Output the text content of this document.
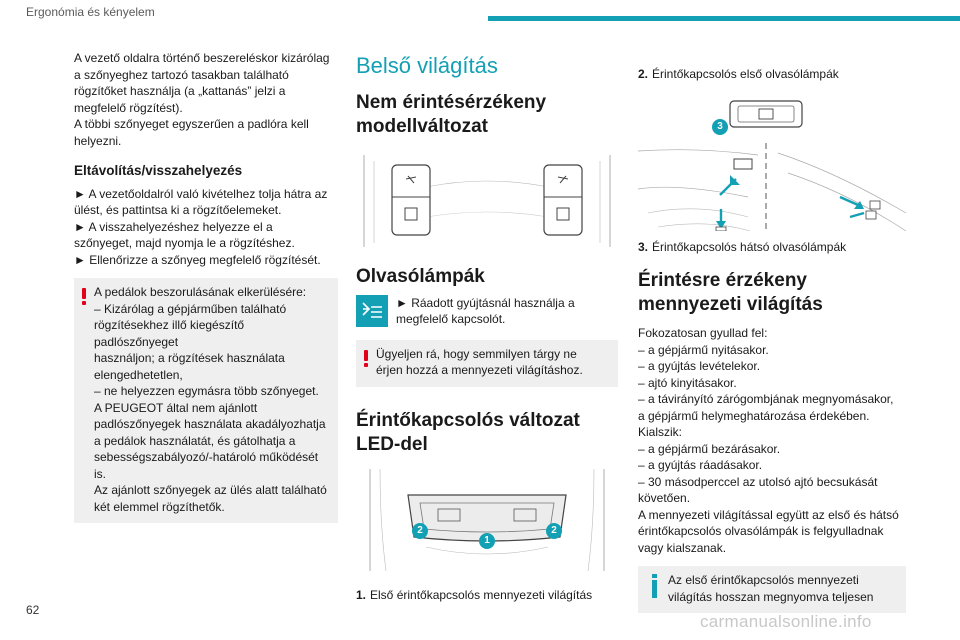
Ergonómia és kényelem

A vezető oldalra történő beszereléskor kizárólag

a szőnyeghez tartozó tasakban található

rögzítőket használja (a „kattanás” jelzi a

megfelelő rögzítést).

A többi szőnyeget egyszerűen a padlóra kell

helyezni.

Eltávolítás/visszahelyezés

► A vezetőoldalról való kivételhez tolja hátra az

ülést, és pattintsa ki a rögzítőelemeket.

► A visszahelyezéshez helyezze el a

szőnyeget, majd nyomja le a rögzítéshez.

► Ellenőrizze a szőnyeg megfelelő rögzítését.

A pedálok beszorulásának elkerülésére:

– Kizárólag a gépjárműben található

rögzítésekhez illő kiegészítő padlószőnyeget

használjon; a rögzítések használata

elengedhetetlen,

– ne helyezzen egymásra több szőnyeget.

A PEUGEOT által nem ajánlott

padlószőnyegek használata akadályozhatja

a pedálok használatát, és gátolhatja a

sebességszabályozó/-határoló működését is.

Az ajánlott szőnyegek az ülés alatt található

két elemmel rögzíthetők.

Belső világítás

Nem érintésérzékeny

modellváltozat

Olvasólámpák

► Ráadott gyújtásnál használja a

megfelelő kapcsolót.

Ügyeljen rá, hogy semmilyen tárgy ne

érjen hozzá a mennyezeti világításhoz.

Érintőkapcsolós változat

LED-del

2
1
2

1. Első érintőkapcsolós mennyezeti világítás

2. Érintőkapcsolós első olvasólámpák

3

3. Érintőkapcsolós hátsó olvasólámpák

Érintésre érzékeny

mennyezeti világítás

Fokozatosan gyullad fel:

– a gépjármű nyitásakor.

– a gyújtás levételekor.

– ajtó kinyitásakor.

– a távirányító zárógombjának megnyomásakor,

a gépjármű helymeghatározása érdekében.

Kialszik:

– a gépjármű bezárásakor.

– a gyújtás ráadásakor.

– 30 másodperccel az utolsó ajtó becsukását

követően.

A mennyezeti világítással együtt az első és hátsó

érintőkapcsolós olvasólámpák is felgyulladnak

vagy kialszanak.

Az első érintőkapcsolós mennyezeti

világítás hosszan megnyomva teljesen

62
carmanualsonline.info
